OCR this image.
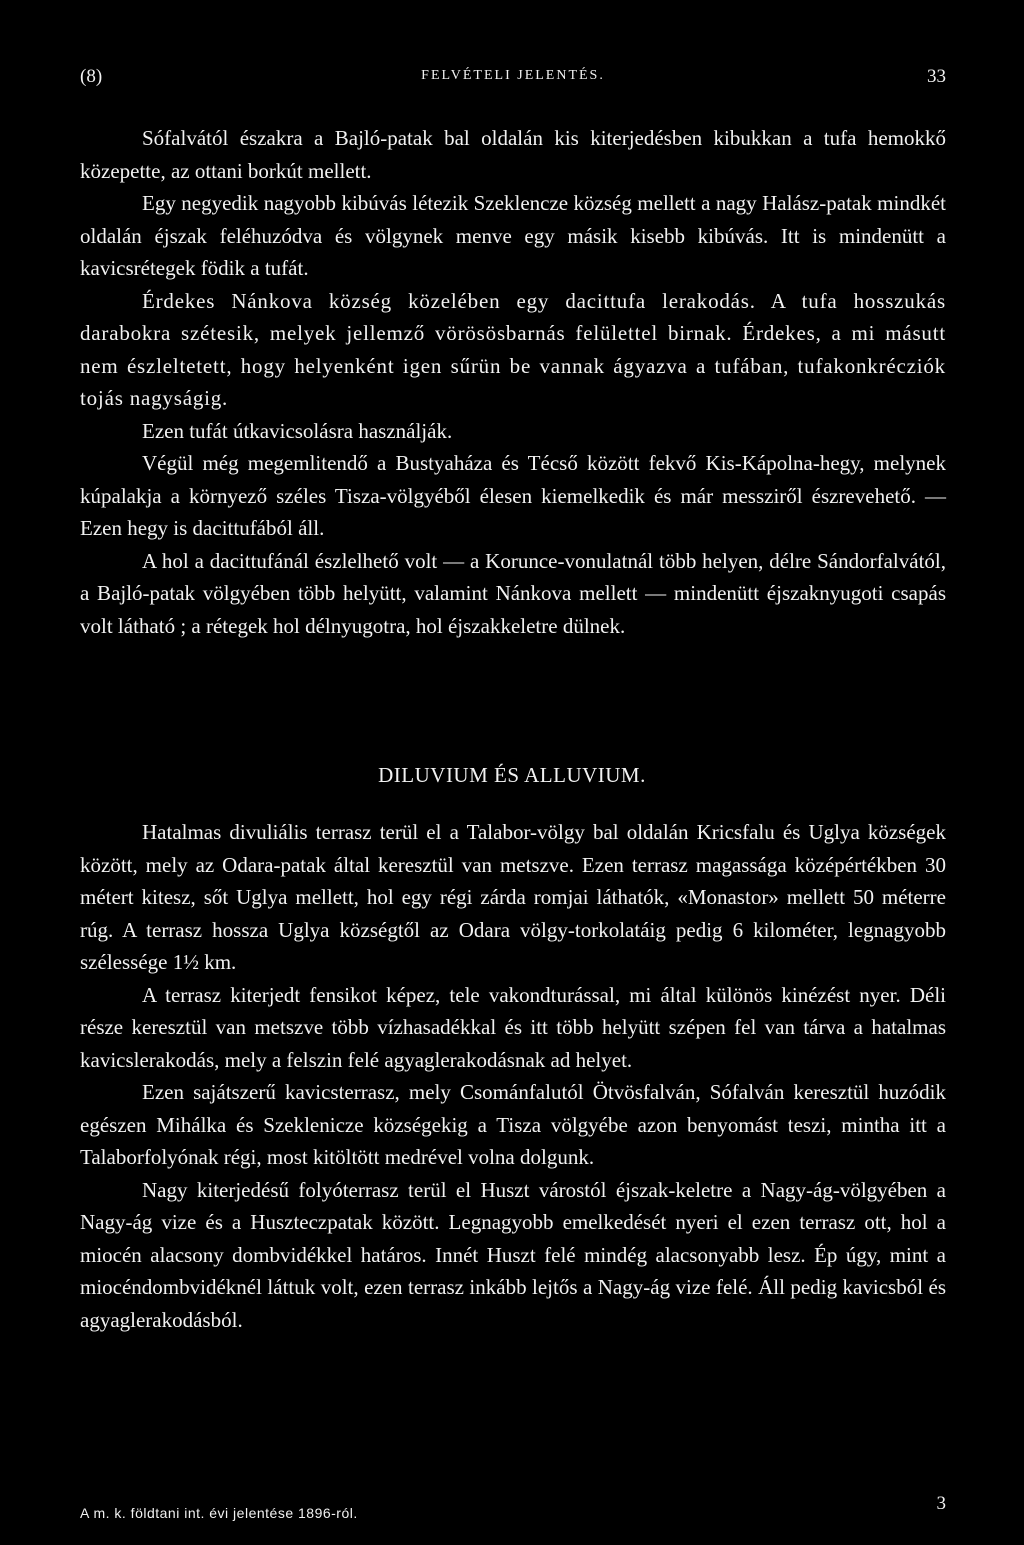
(8)	FELVÉTELI JELENTÉS.	33

Sófalvától északra a Bajló-patak bal oldalán kis kiterjedésben kibukkan a tufa hemokkő közepette, az ottani borkút mellett.

Egy negyedik nagyobb kibúvás létezik Szeklencze község mellett a nagy Halász-patak mindkét oldalán éjszak feléhuzódva és völgynek menve egy másik kisebb kibúvás. Itt is mindenütt a kavicsrétegek födik a tufát.

Érdekes Nánkova község közelében egy dacittufa lerakodás. A tufa hosszukás darabokra szétesik, melyek jellemző vörösösbarnás felülettel birnak. Érdekes, a mi másutt nem észleltetett, hogy helyenként igen sűrün be vannak ágyazva a tufában, tufakonkrécziók tojás nagyságig.

Ezen tufát útkavicsolásra használják.

Végül még megemlitendő a Bustyaháza és Técső között fekvő Kis-Kápolna-hegy, melynek kúpalakja a környező széles Tisza-völgyéből élesen kiemelkedik és már messziről észrevehető. — Ezen hegy is dacittufából áll.

A hol a dacittufánál észlelhető volt — a Korunce-vonulatnál több helyen, délre Sándorfalvától, a Bajló-patak völgyében több helyütt, valamint Nánkova mellett — mindenütt éjszaknyugoti csapás volt látható ; a rétegek hol délnyugotra, hol éjszakkeletre dülnek.

DILUVIUM ÉS ALLUVIUM.

Hatalmas divuliális terrasz terül el a Talabor-völgy bal oldalán Kricsfalu és Uglya községek között, mely az Odara-patak által keresztül van metszve. Ezen terrasz magassága középértékben 30 métert kitesz, sőt Uglya mellett, hol egy régi zárda romjai láthatók, «Monastor» mellett 50 méterre rúg. A terrasz hossza Uglya községtől az Odara völgy-torkolatáig pedig 6 kilométer, legnagyobb szélessége 1½ km.

A terrasz kiterjedt fensikot képez, tele vakondturással, mi által különös kinézést nyer. Déli része keresztül van metszve több vízhasadékkal és itt több helyütt szépen fel van tárva a hatalmas kavicslerakodás, mely a felszin felé agyaglerakodásnak ad helyet.

Ezen sajátszerű kavicsterrasz, mely Csománfalutól Ötvösfalván, Sófalván keresztül huzódik egészen Mihálka és Szeklenicze községekig a Tisza völgyébe azon benyomást teszi, mintha itt a Talaborfolyónak régi, most kitöltött medrével volna dolgunk.

Nagy kiterjedésű folyóterrasz terül el Huszt várostól éjszak-keletre a Nagy-ág-völgyében a Nagy-ág vize és a Huszteczpatak között. Legnagyobb emelkedését nyeri el ezen terrasz ott, hol a miocén alacsony dombvidékkel határos. Innét Huszt felé mindég alacsonyabb lesz. Ép úgy, mint a miocéndombvidéknél láttuk volt, ezen terrasz inkább lejtős a Nagy-ág vize felé. Áll pedig kavicsból és agyaglerakodásból.

A m. k. földtani int. évi jelentése 1896-ról.	3
